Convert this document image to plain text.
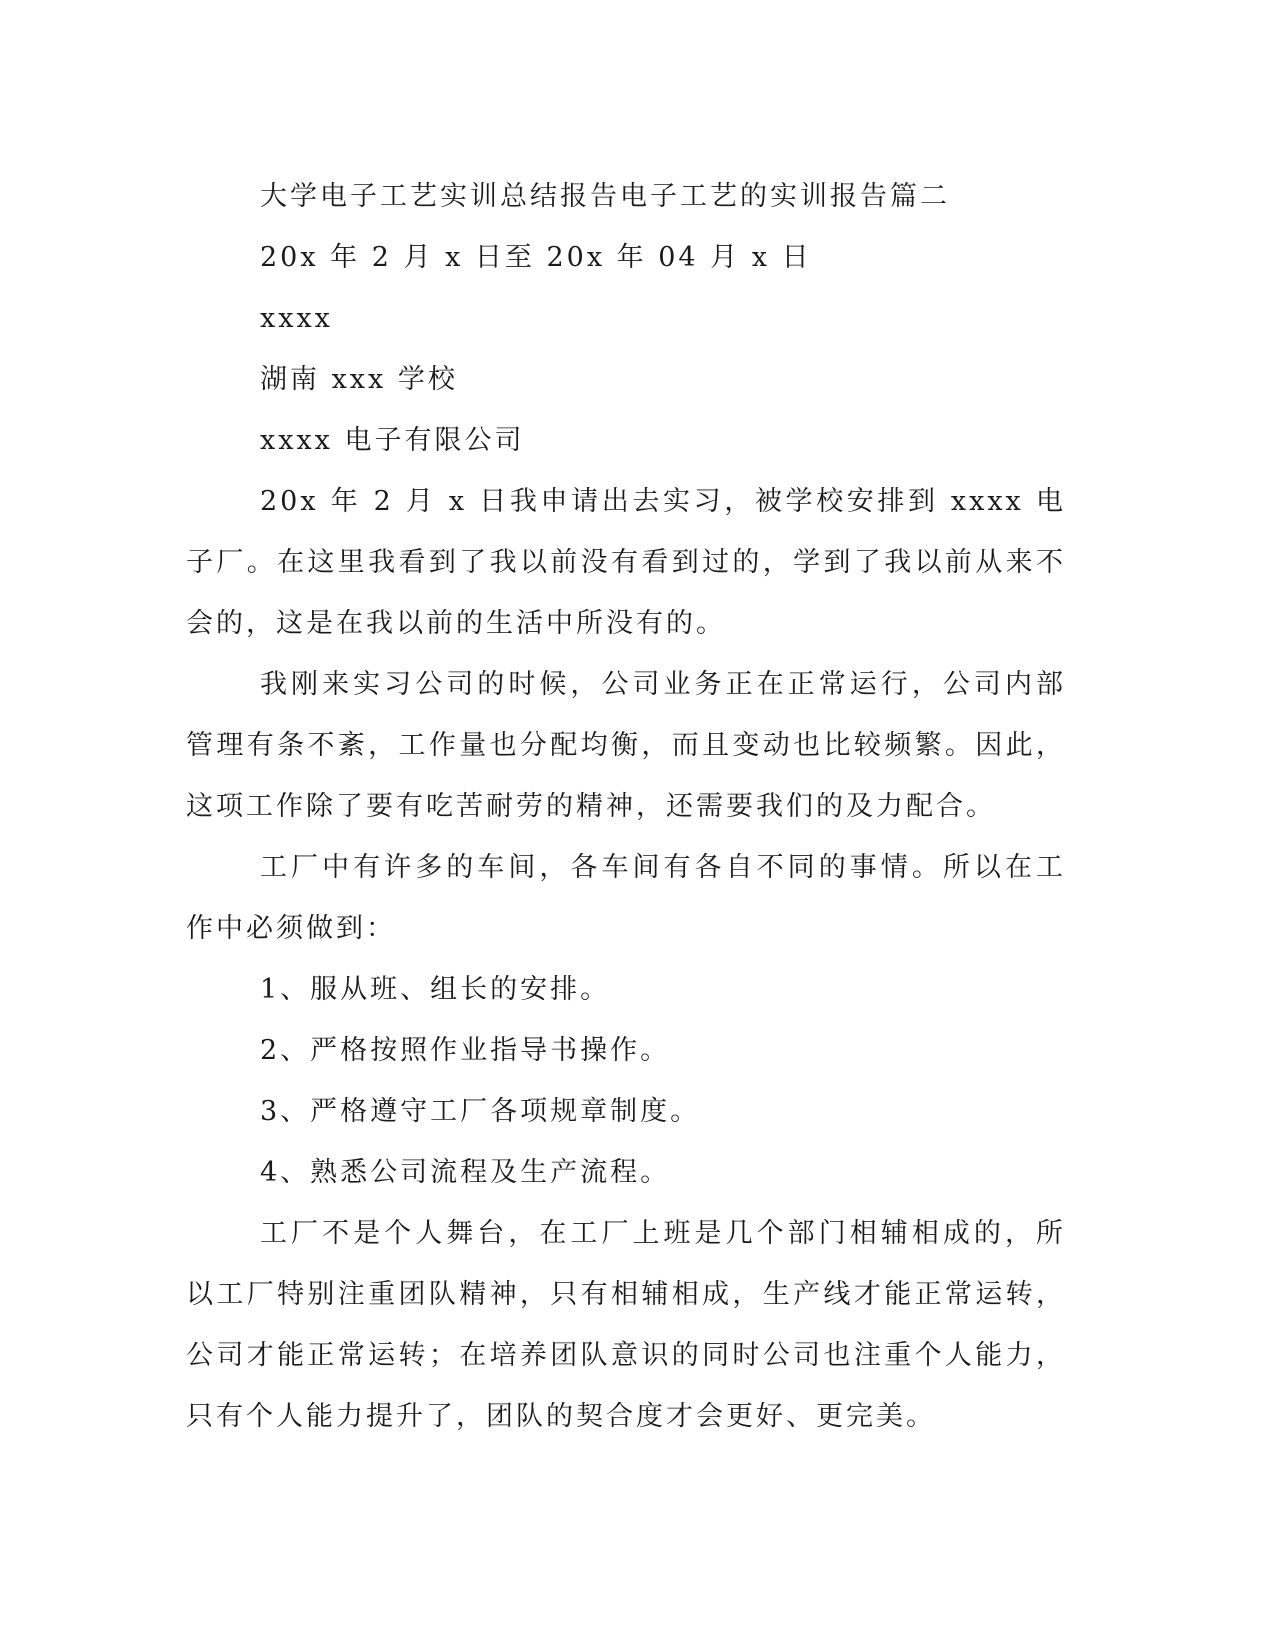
大学电子工艺实训总结报告电子工艺的实训报告篇二
20x 年 2 月 x 日至 20x 年 04 月 x 日
xxxx
湖南 xxx 学校
xxxx 电子有限公司
20x 年 2 月 x 日我申请出去实习，被学校安排到 xxxx 电子厂。在这里我看到了我以前没有看到过的，学到了我以前从来不会的，这是在我以前的生活中所没有的。
我刚来实习公司的时候，公司业务正在正常运行，公司内部管理有条不紊，工作量也分配均衡，而且变动也比较频繁。因此，这项工作除了要有吃苦耐劳的精神，还需要我们的及力配合。
工厂中有许多的车间，各车间有各自不同的事情。所以在工作中必须做到：
1、服从班、组长的安排。
2、严格按照作业指导书操作。
3、严格遵守工厂各项规章制度。
4、熟悉公司流程及生产流程。
工厂不是个人舞台，在工厂上班是几个部门相辅相成的，所以工厂特别注重团队精神，只有相辅相成，生产线才能正常运转，公司才能正常运转；在培养团队意识的同时公司也注重个人能力，只有个人能力提升了，团队的契合度才会更好、更完美。
